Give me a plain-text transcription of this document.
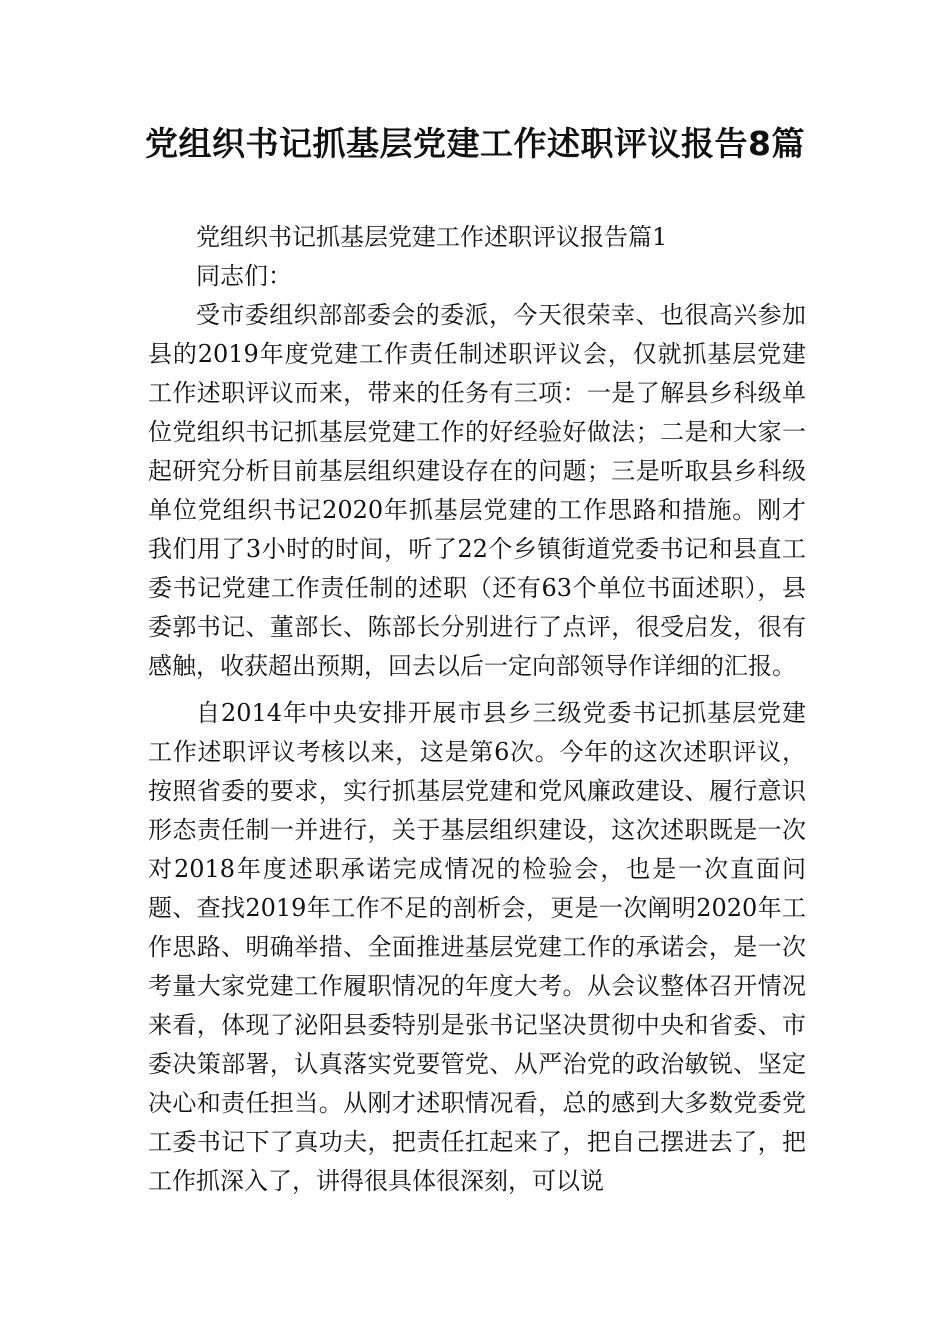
党组织书记抓基层党建工作述职评议报告8篇

党组织书记抓基层党建工作述职评议报告篇1

同志们：

受市委组织部部委会的委派，今天很荣幸、也很高兴参加县的2019年度党建工作责任制述职评议会，仅就抓基层党建工作述职评议而来，带来的任务有三项：一是了解县乡科级单位党组织书记抓基层党建工作的好经验好做法；二是和大家一起研究分析目前基层组织建设存在的问题；三是听取县乡科级单位党组织书记2020年抓基层党建的工作思路和措施。刚才我们用了3小时的时间，听了22个乡镇街道党委书记和县直工委书记党建工作责任制的述职（还有63个单位书面述职），县委郭书记、董部长、陈部长分别进行了点评，很受启发，很有感触，收获超出预期，回去以后一定向部领导作详细的汇报。

自2014年中央安排开展市县乡三级党委书记抓基层党建工作述职评议考核以来，这是第6次。今年的这次述职评议，按照省委的要求，实行抓基层党建和党风廉政建设、履行意识形态责任制一并进行，关于基层组织建设，这次述职既是一次对2018年度述职承诺完成情况的检验会，也是一次直面问题、查找2019年工作不足的剖析会，更是一次阐明2020年工作思路、明确举措、全面推进基层党建工作的承诺会，是一次考量大家党建工作履职情况的年度大考。从会议整体召开情况来看，体现了泌阳县委特别是张书记坚决贯彻中央和省委、市委决策部署，认真落实党要管党、从严治党的政治敏锐、坚定决心和责任担当。从刚才述职情况看，总的感到大多数党委党工委书记下了真功夫，把责任扛起来了，把自己摆进去了，把工作抓深入了，讲得很具体很深刻，可以说
